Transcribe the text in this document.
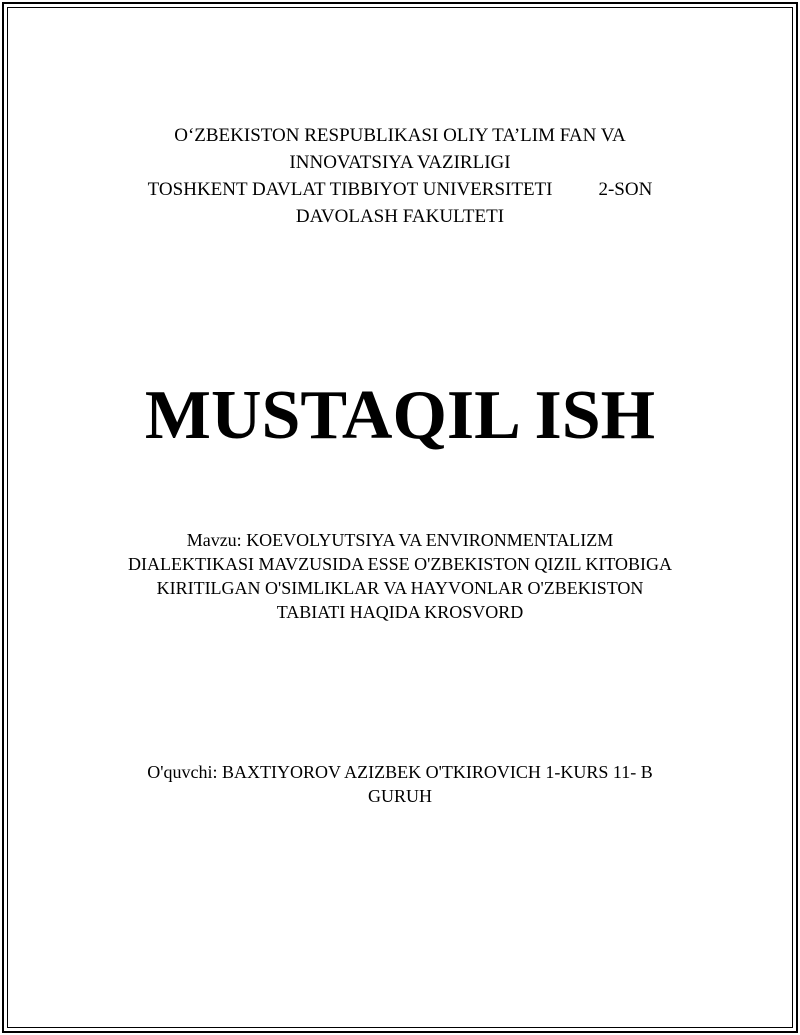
O‘ZBEKISTON RESPUBLIKASI OLIY TA’LIM FAN VA
INNOVATSIYA VAZIRLIGI
TOSHKENT DAVLAT TIBBIYOT UNIVERSITETI 2-SON
DAVOLASH FAKULTETI
MUSTAQIL ISH
Mavzu: KOEVOLYUTSIYA VA ENVIRONMENTALIZM
DIALEKTIKASI MAVZUSIDA ESSE O'ZBEKISTON QIZIL KITOBIGA
KIRITILGAN O'SIMLIKLAR VA HAYVONLAR O'ZBEKISTON
TABIATI HAQIDA KROSVORD
O'quvchi: BAXTIYOROV AZIZBEK O'TKIROVICH 1-KURS 11- B
GURUH
